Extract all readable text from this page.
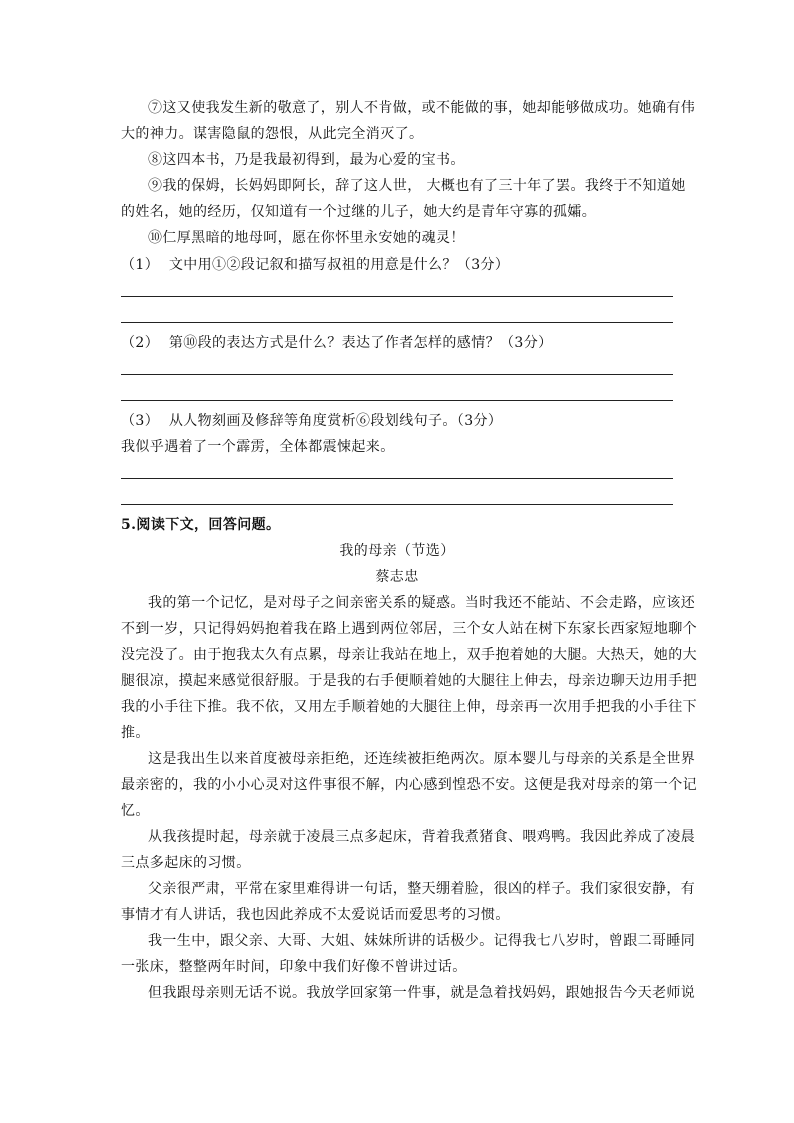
⑦这又使我发生新的敬意了，别人不肯做，或不能做的事，她却能够做成功。她确有伟
大的神力。谋害隐鼠的怨恨，从此完全消灭了。
⑧这四本书，乃是我最初得到，最为心爱的宝书。
⑨我的保姆，长妈妈即阿长，辞了这人世， 大概也有了三十年了罢。我终于不知道她
的姓名，她的经历，仅知道有一个过继的儿子，她大约是青年守寡的孤孀。
⑩仁厚黑暗的地母呵，愿在你怀里永安她的魂灵！
（1） 文中用①②段记叙和描写叔祖的用意是什么？（3分）
（2） 第⑩段的表达方式是什么？表达了作者怎样的感情？（3分）
（3） 从人物刻画及修辞等角度赏析⑥段划线句子。（3分）
我似乎遇着了一个霹雳，全体都震悚起来。
5.阅读下文，回答问题。
我的母亲（节选）
蔡志忠
我的第一个记忆，是对母子之间亲密关系的疑惑。当时我还不能站、不会走路，应该还
不到一岁，只记得妈妈抱着我在路上遇到两位邻居，三个女人站在树下东家长西家短地聊个
没完没了。由于抱我太久有点累，母亲让我站在地上，双手抱着她的大腿。大热天，她的大
腿很凉，摸起来感觉很舒服。于是我的右手便顺着她的大腿往上伸去，母亲边聊天边用手把
我的小手往下推。我不依，又用左手顺着她的大腿往上伸，母亲再一次用手把我的小手往下
推。
这是我出生以来首度被母亲拒绝，还连续被拒绝两次。原本婴儿与母亲的关系是全世界
最亲密的，我的小小心灵对这件事很不解，内心感到惶恐不安。这便是我对母亲的第一个记
忆。
从我孩提时起，母亲就于凌晨三点多起床，背着我煮猪食、喂鸡鸭。我因此养成了凌晨
三点多起床的习惯。
父亲很严肃，平常在家里难得讲一句话，整天绷着脸，很凶的样子。我们家很安静，有
事情才有人讲话，我也因此养成不太爱说话而爱思考的习惯。
我一生中，跟父亲、大哥、大姐、妹妹所讲的话极少。记得我七八岁时，曾跟二哥睡同
一张床，整整两年时间，印象中我们好像不曾讲过话。
但我跟母亲则无话不说。我放学回家第一件事，就是急着找妈妈，跟她报告今天老师说
